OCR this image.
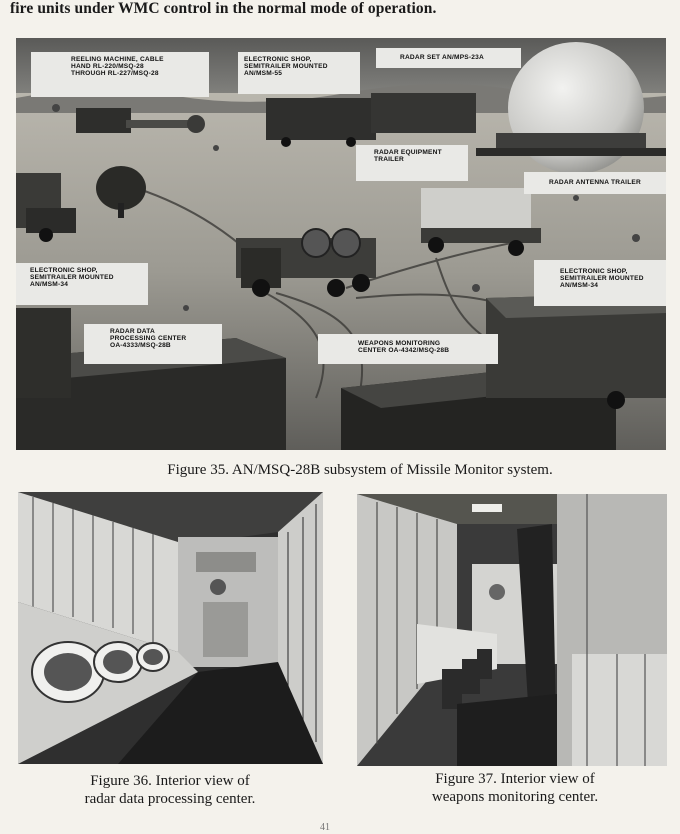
fire units under WMC control in the normal mode of operation.
REELING MACHINE, CABLE
HAND RL-220/MSQ-28
THROUGH RL-227/MSQ-28
ELECTRONIC SHOP,
SEMITRAILER MOUNTED
AN/MSM-55
RADAR SET AN/MPS-23A
RADAR EQUIPMENT
TRAILER
RADAR ANTENNA TRAILER
ELECTRONIC SHOP,
SEMITRAILER MOUNTED
AN/MSM-34
ELECTRONIC SHOP,
SEMITRAILER MOUNTED
AN/MSM-34
RADAR DATA
PROCESSING CENTER
OA-4333/MSQ-28B	WEAPONS MONITORING
CENTER OA-4342/MSQ-28B
Figure 35. AN/MSQ-28B subsystem of Missile Monitor system.
Figure 36. Interior view of
radar data processing center.
Figure 37. Interior view of
weapons monitoring center.
41
